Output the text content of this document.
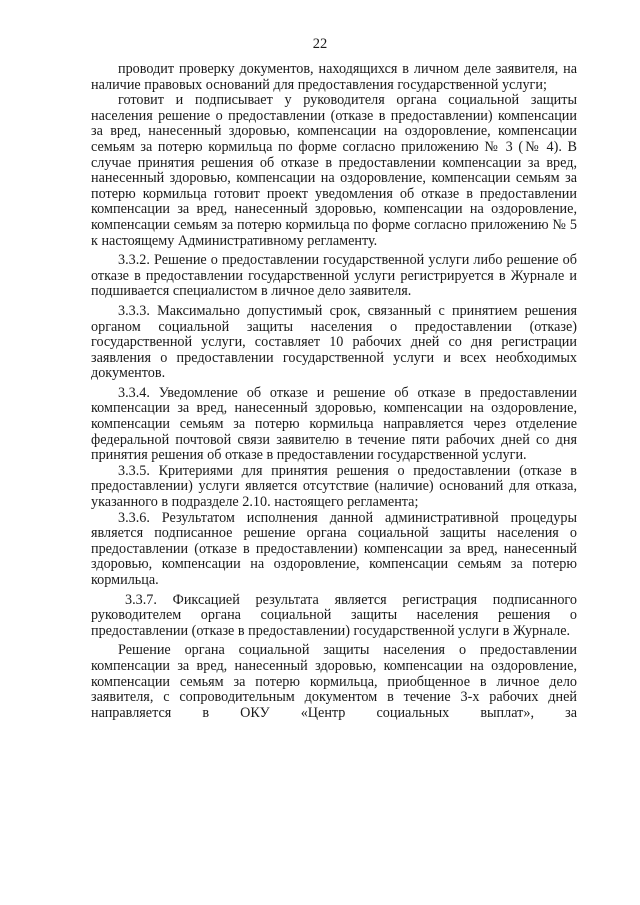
22

проводит проверку документов, находящихся в личном деле заявителя, на наличие правовых оснований для предоставления государственной услуги;

готовит и подписывает у руководителя органа социальной защиты населения решение о предоставлении (отказе в предоставлении) компенсации за вред, нанесенный здоровью, компенсации на оздоровление, компенсации семьям за потерю кормильца по форме согласно приложению № 3 (№ 4). В случае принятия решения об отказе в предоставлении компенсации за вред, нанесенный здоровью, компенсации на оздоровление, компенсации семьям за потерю кормильца готовит проект уведомления об отказе в предоставлении компенсации за вред, нанесенный здоровью, компенсации на оздоровление, компенсации семьям за потерю кормильца по форме согласно приложению № 5 к настоящему Административному регламенту.

3.3.2. Решение о предоставлении государственной услуги либо решение об отказе в предоставлении государственной услуги регистрируется в Журнале и подшивается специалистом в личное дело заявителя.

3.3.3. Максимально допустимый срок, связанный с принятием решения органом социальной защиты населения о предоставлении (отказе) государственной услуги, составляет 10 рабочих дней со дня регистрации заявления о предоставлении государственной услуги и всех необходимых документов.

3.3.4. Уведомление об отказе и решение об отказе в предоставлении компенсации за вред, нанесенный здоровью, компенсации на оздоровление, компенсации семьям за потерю кормильца направляется через отделение федеральной почтовой связи заявителю в течение пяти рабочих дней со дня принятия решения об отказе в предоставлении государственной услуги.

3.3.5. Критериями для принятия решения о предоставлении (отказе в предоставлении) услуги является отсутствие (наличие) оснований для отказа, указанного в подразделе 2.10. настоящего регламента;

3.3.6. Результатом исполнения данной административной процедуры является подписанное решение органа социальной защиты населения о предоставлении (отказе в предоставлении) компенсации за вред, нанесенный здоровью, компенсации на оздоровление, компенсации семьям за потерю кормильца.

3.3.7. Фиксацией результата является регистрация подписанного руководителем органа социальной защиты населения решения о предоставлении (отказе в предоставлении) государственной услуги в Журнале.

Решение органа социальной защиты населения о предоставлении компенсации за вред, нанесенный здоровью, компенсации на оздоровление, компенсации семьям за потерю кормильца, приобщенное в личное дело заявителя, с сопроводительным документом в течение 3-х рабочих дней направляется в ОКУ «Центр социальных выплат», за
